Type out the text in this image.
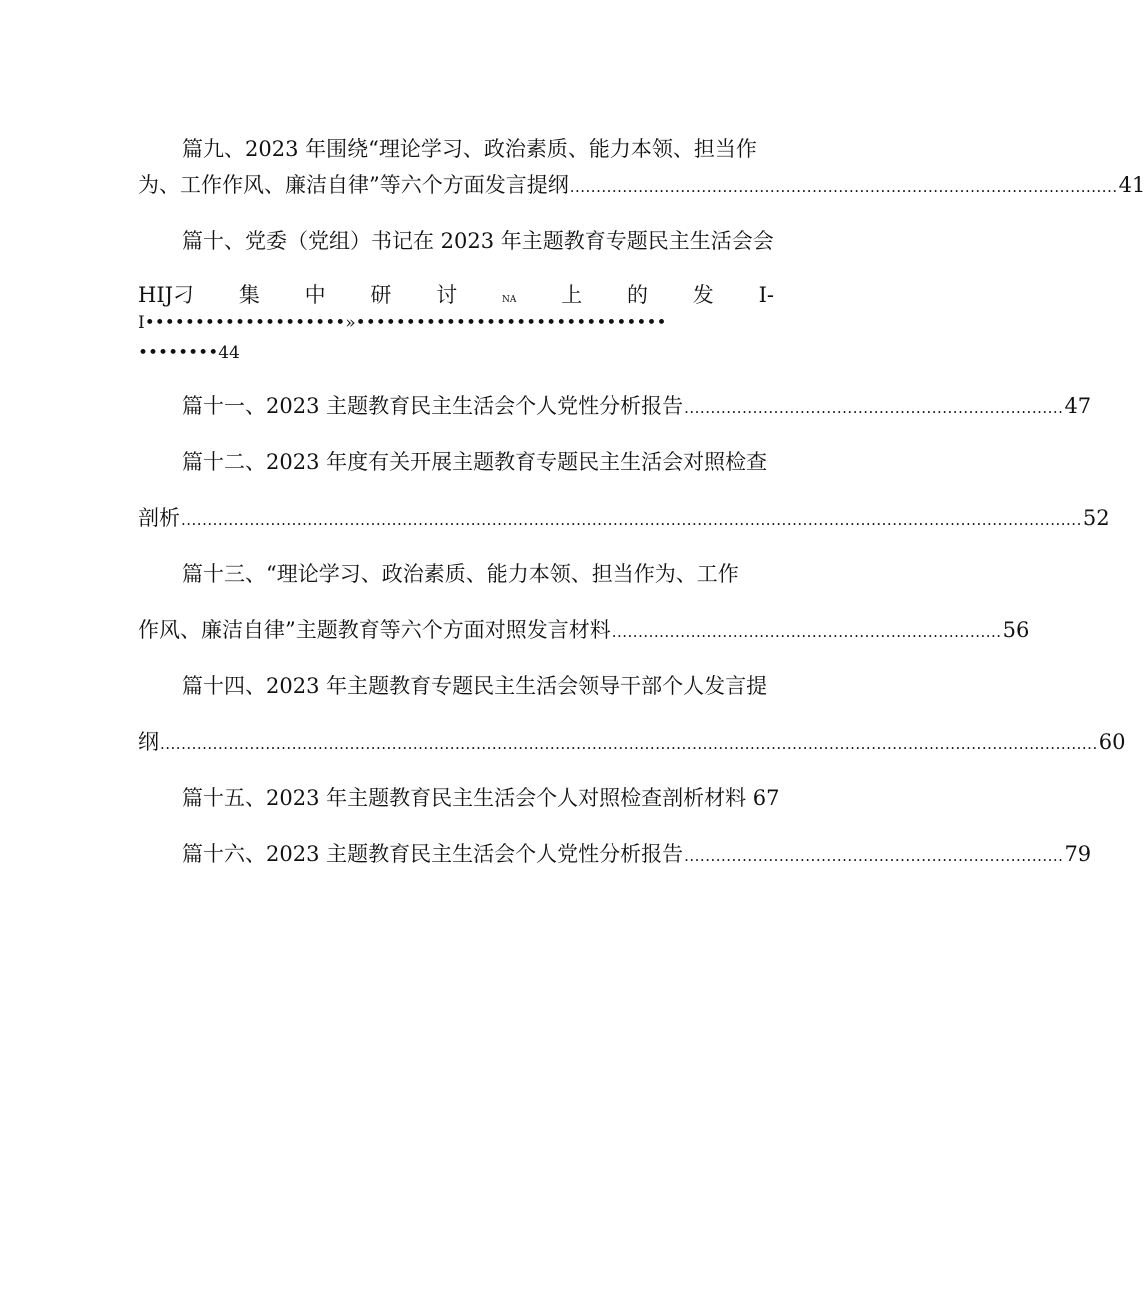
篇九、2023 年围绕“理论学习、政治素质、能力本领、担当作
为、工作作风、廉洁自律”等六个方面发言提纲 ........................................................................................................ 41
篇十、党委（党组）书记在 2023 年主题教育专题民主生活会会
HIJ刁 集 中 研 讨	NA 上 的 发 I-
I••••••••••••••••••••»•••••••••••••••••••••••••••••••
••••••••44
篇十一、2023 主题教育民主生活会个人党性分析报告 ........................................................................ 47
篇十二、2023 年度有关开展主题教育专题民主生活会对照检查
剖析 ........................................................................................................................................................................... 52
篇十三、“理论学习、政治素质、能力本领、担当作为、工作
作风、廉洁自律”主题教育等六个方面对照发言材料 .......................................................................... 56
篇十四、2023 年主题教育专题民主生活会领导干部个人发言提
纲 .................................................................................................................................................................................. 60
篇十五、2023 年主题教育民主生活会个人对照检查剖析材料 67
篇十六、2023 主题教育民主生活会个人党性分析报告 ........................................................................ 79
